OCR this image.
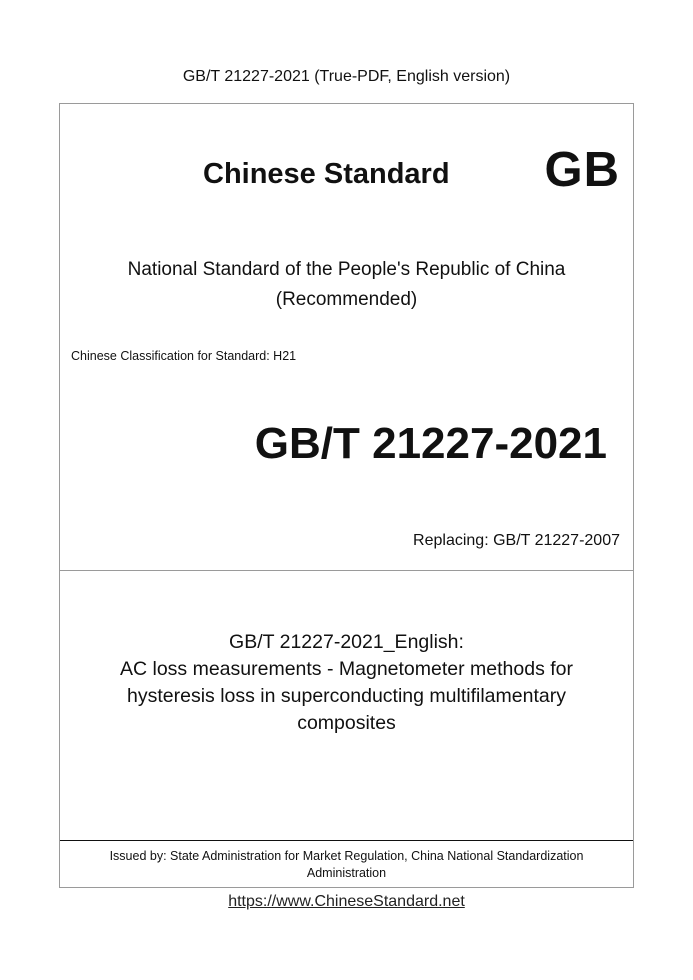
GB/T 21227-2021 (True-PDF, English version)
Chinese Standard GB
National Standard of the People's Republic of China
(Recommended)
Chinese Classification for Standard: H21
GB/T 21227-2021
Replacing: GB/T 21227-2007
GB/T 21227-2021_English:
AC loss measurements - Magnetometer methods for
hysteresis loss in superconducting multifilamentary
composites
Issued by: State Administration for Market Regulation, China National Standardization
Administration
https://www.ChineseStandard.net
